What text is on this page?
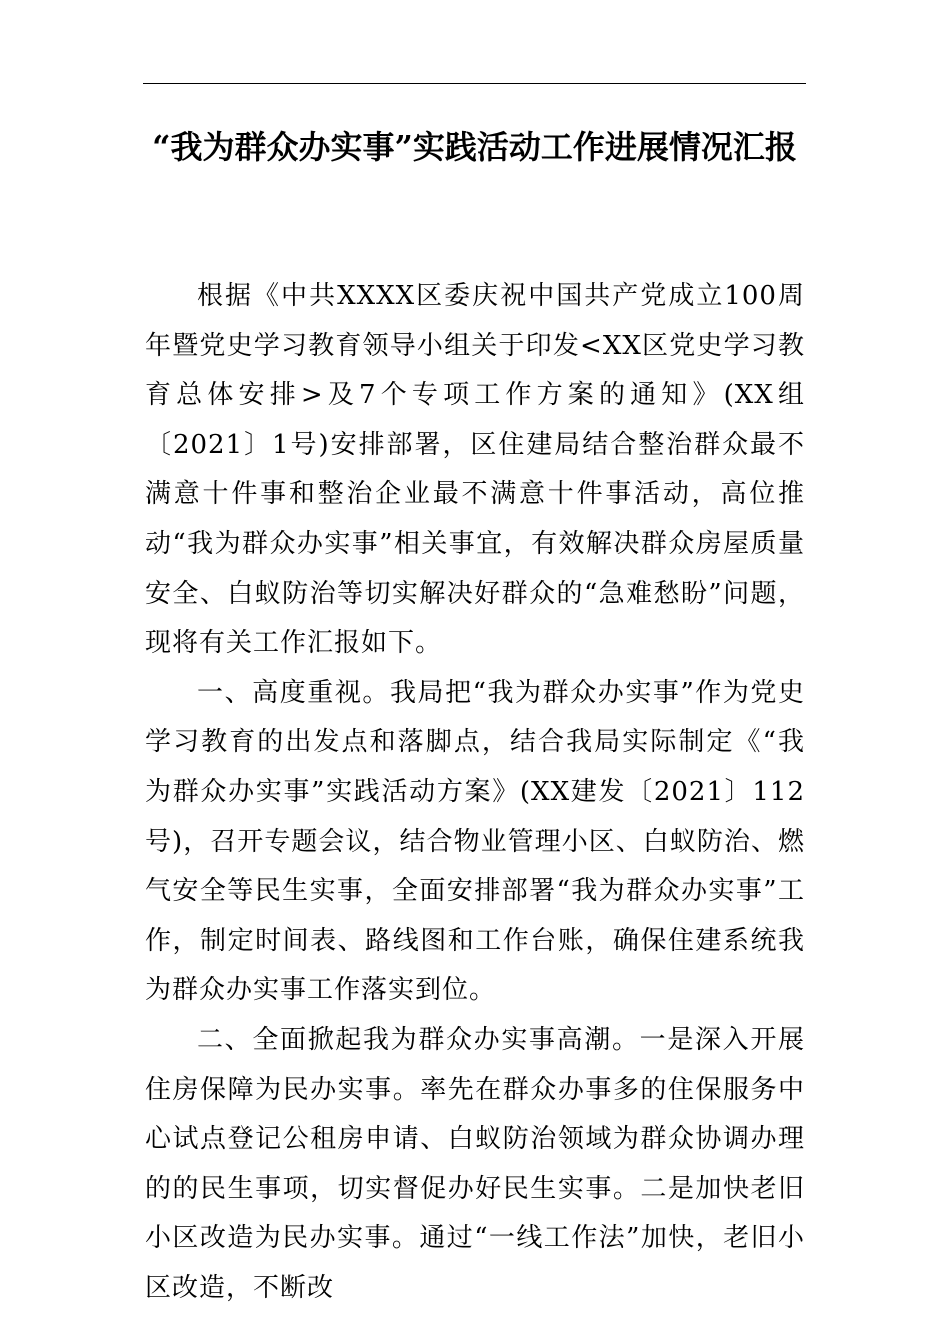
“我为群众办实事”实践活动工作进展情况汇报

根据《中共XXXX区委庆祝中国共产党成立100周年暨党史学习教育领导小组关于印发<XX区党史学习教育总体安排>及7个专项工作方案的通知》(XX组〔2021〕1号)安排部署，区住建局结合整治群众最不满意十件事和整治企业最不满意十件事活动，高位推动“我为群众办实事”相关事宜，有效解决群众房屋质量安全、白蚁防治等切实解决好群众的“急难愁盼”问题，现将有关工作汇报如下。

一、高度重视。我局把“我为群众办实事”作为党史学习教育的出发点和落脚点，结合我局实际制定《“我为群众办实事”实践活动方案》(XX建发〔2021〕112号)，召开专题会议，结合物业管理小区、白蚁防治、燃气安全等民生实事，全面安排部署“我为群众办实事”工作，制定时间表、路线图和工作台账，确保住建系统我为群众办实事工作落实到位。

二、全面掀起我为群众办实事高潮。一是深入开展住房保障为民办实事。率先在群众办事多的住保服务中心试点登记公租房申请、白蚁防治领域为群众协调办理的的民生事项，切实督促办好民生实事。二是加快老旧小区改造为民办实事。通过“一线工作法”加快，老旧小区改造，不断改
